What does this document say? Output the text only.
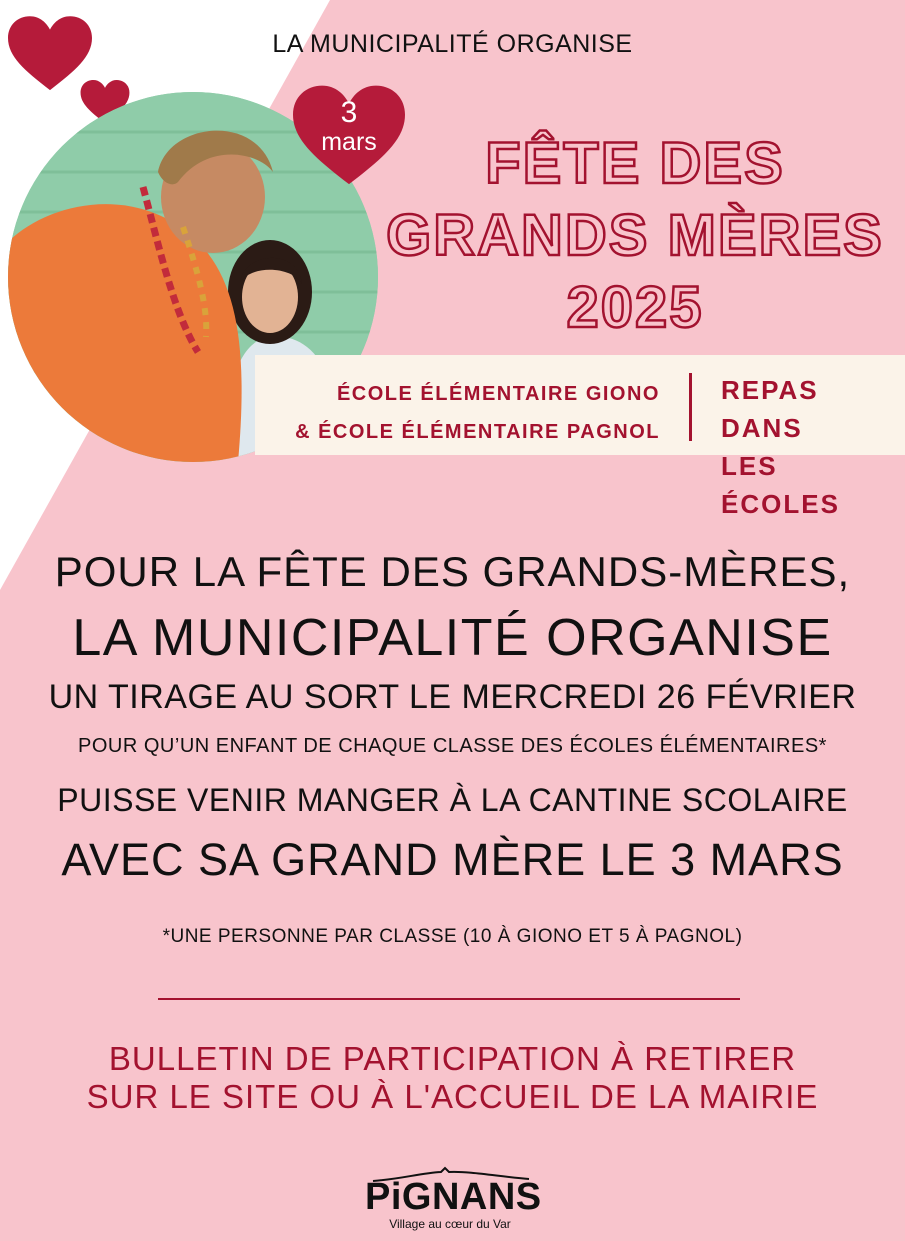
LA MUNICIPALITÉ ORGANISE
3
mars	FÊTE DES
GRANDS MÈRES
2025
ÉCOLE ÉLÉMENTAIRE GIONO
& ÉCOLE ÉLÉMENTAIRE PAGNOL
REPAS DANS
LES ÉCOLES
POUR LA FÊTE DES GRANDS-MÈRES,
LA MUNICIPALITÉ ORGANISE
UN TIRAGE AU SORT LE MERCREDI 26 FÉVRIER
POUR QU’UN ENFANT DE CHAQUE CLASSE DES ÉCOLES ÉLÉMENTAIRES*
PUISSE VENIR MANGER À LA CANTINE SCOLAIRE
AVEC SA GRAND MÈRE LE 3 MARS
*UNE PERSONNE PAR CLASSE (10 À GIONO ET 5 À PAGNOL)
BULLETIN DE PARTICIPATION À RETIRER
SUR LE SITE OU À L'ACCUEIL DE LA MAIRIE
PiGNANS
Village au cœur du Var
